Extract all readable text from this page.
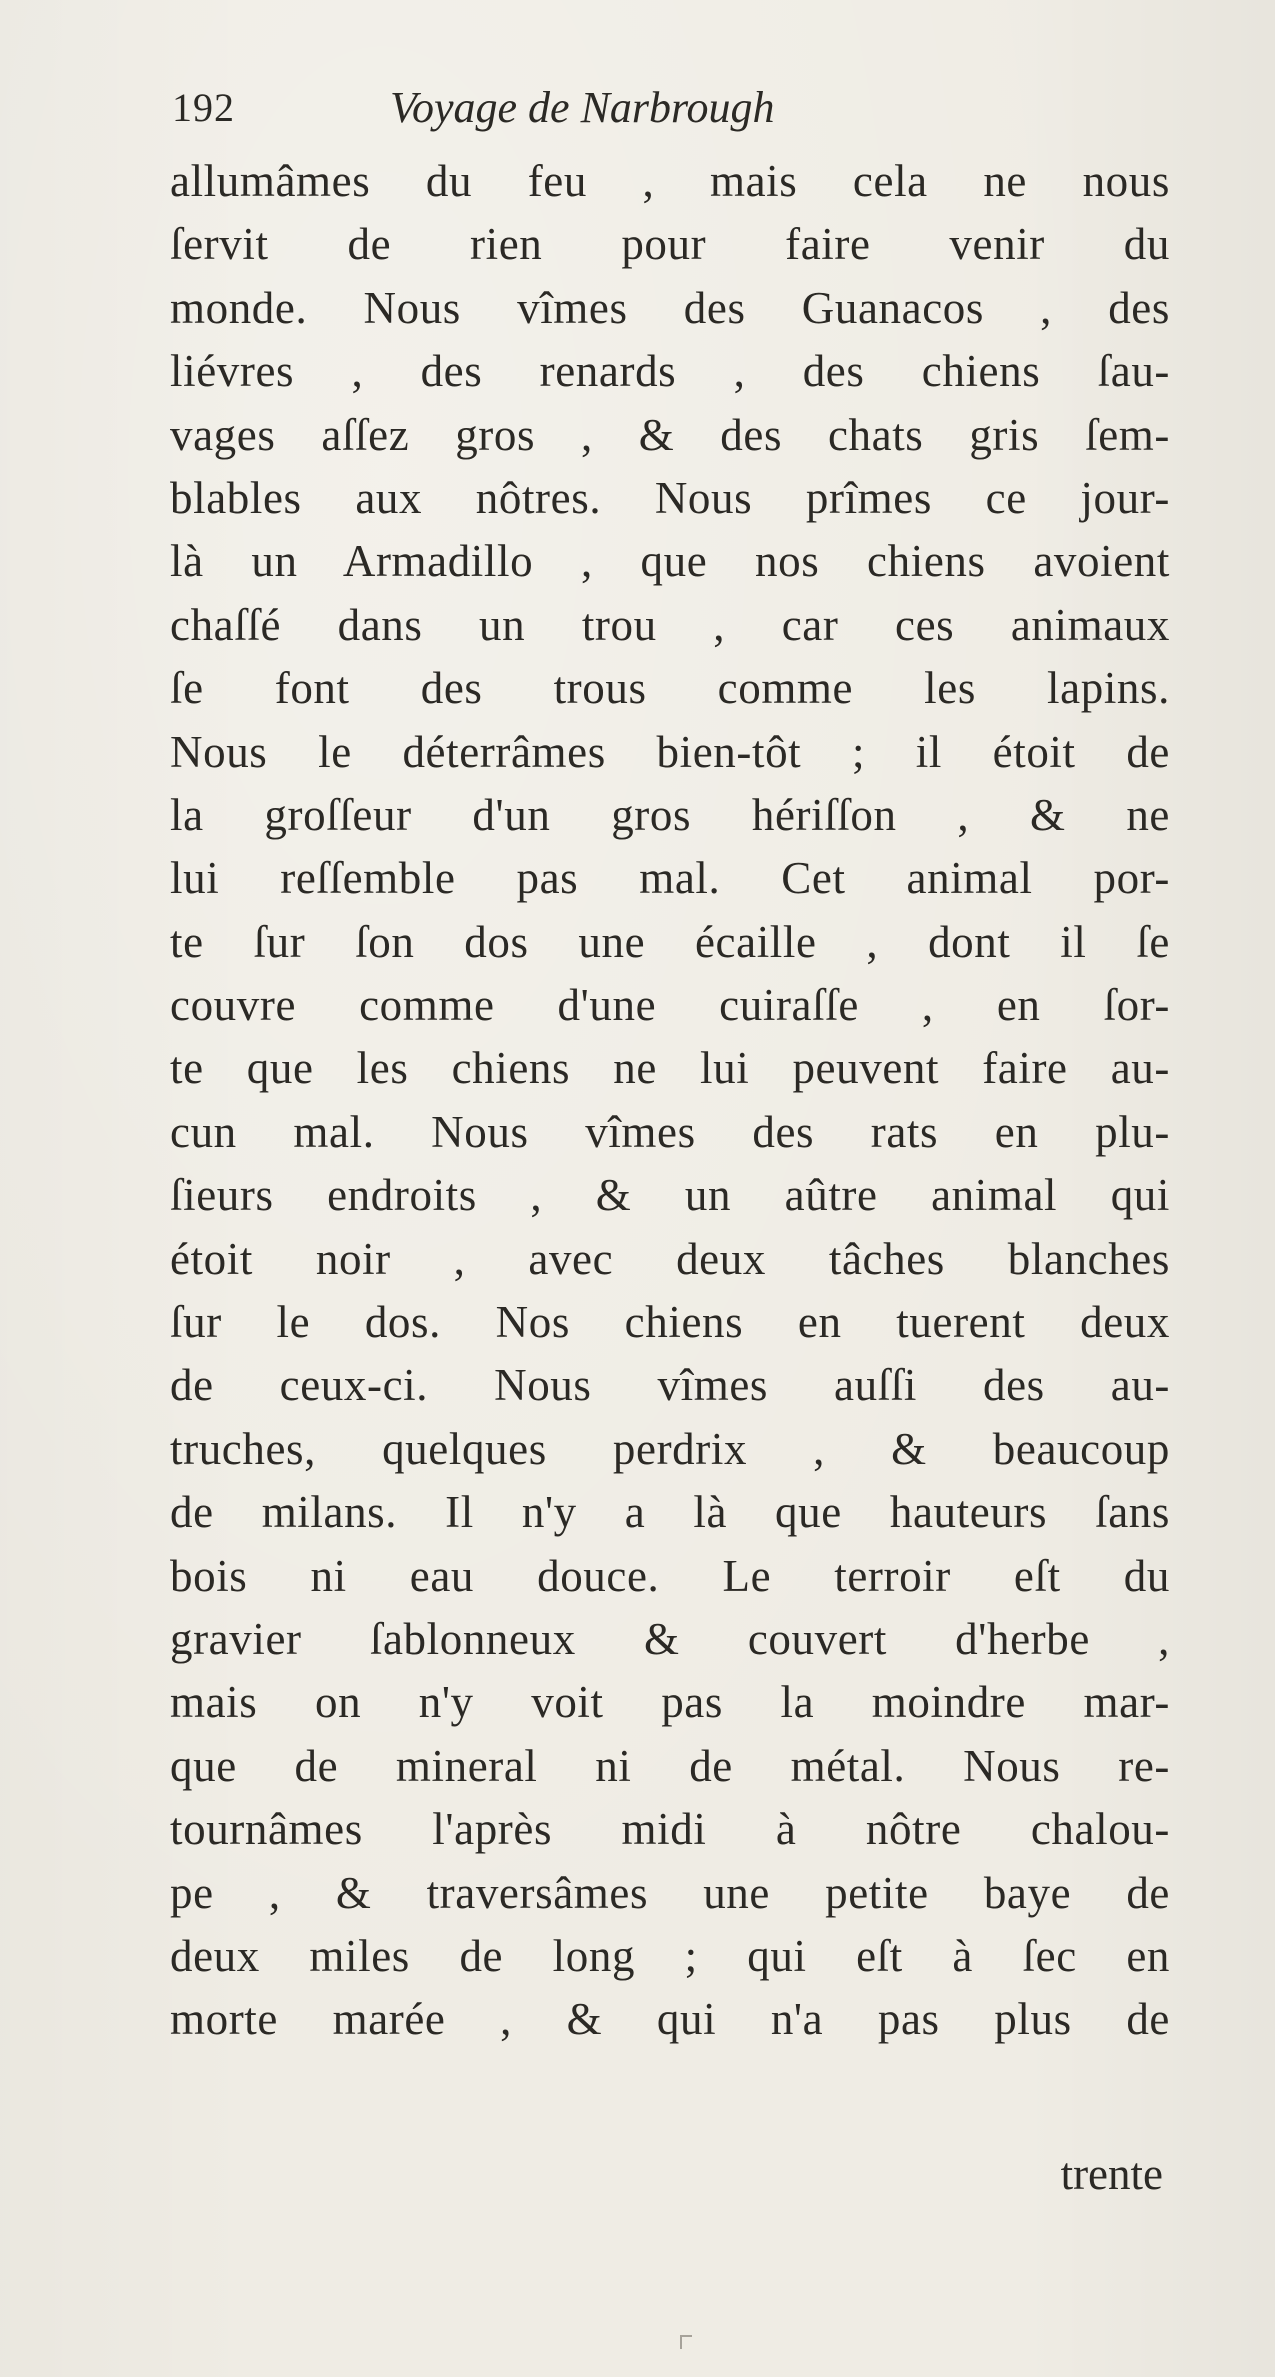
192	Voyage de Narbrough
allumâmes du feu , mais cela ne nous
ſervit de rien pour faire venir du
monde. Nous vîmes des Guanacos , des
liévres , des renards , des chiens ſau-
vages aſſez gros , & des chats gris ſem-
blables aux nôtres. Nous prîmes ce jour-
là un Armadillo , que nos chiens avoient
chaſſé dans un trou , car ces animaux
ſe font des trous comme les lapins.
Nous le déterrâmes bien-tôt ; il étoit de
la groſſeur d'un gros hériſſon , & ne
lui reſſemble pas mal. Cet animal por-
te ſur ſon dos une écaille , dont il ſe
couvre comme d'une cuiraſſe , en ſor-
te que les chiens ne lui peuvent faire au-
cun mal. Nous vîmes des rats en plu-
ſieurs endroits , & un aûtre animal qui
étoit noir , avec deux tâches blanches
ſur le dos. Nos chiens en tuerent deux
de ceux-ci. Nous vîmes auſſi des au-
truches, quelques perdrix , & beaucoup
de milans. Il n'y a là que hauteurs ſans
bois ni eau douce. Le terroir eſt du
gravier ſablonneux & couvert d'herbe ,
mais on n'y voit pas la moindre mar-
que de mineral ni de métal. Nous re-
tournâmes l'après midi à nôtre chalou-
pe , & traversâmes une petite baye de
deux miles de long ; qui eſt à ſec en
morte marée , & qui n'a pas plus de
trente
